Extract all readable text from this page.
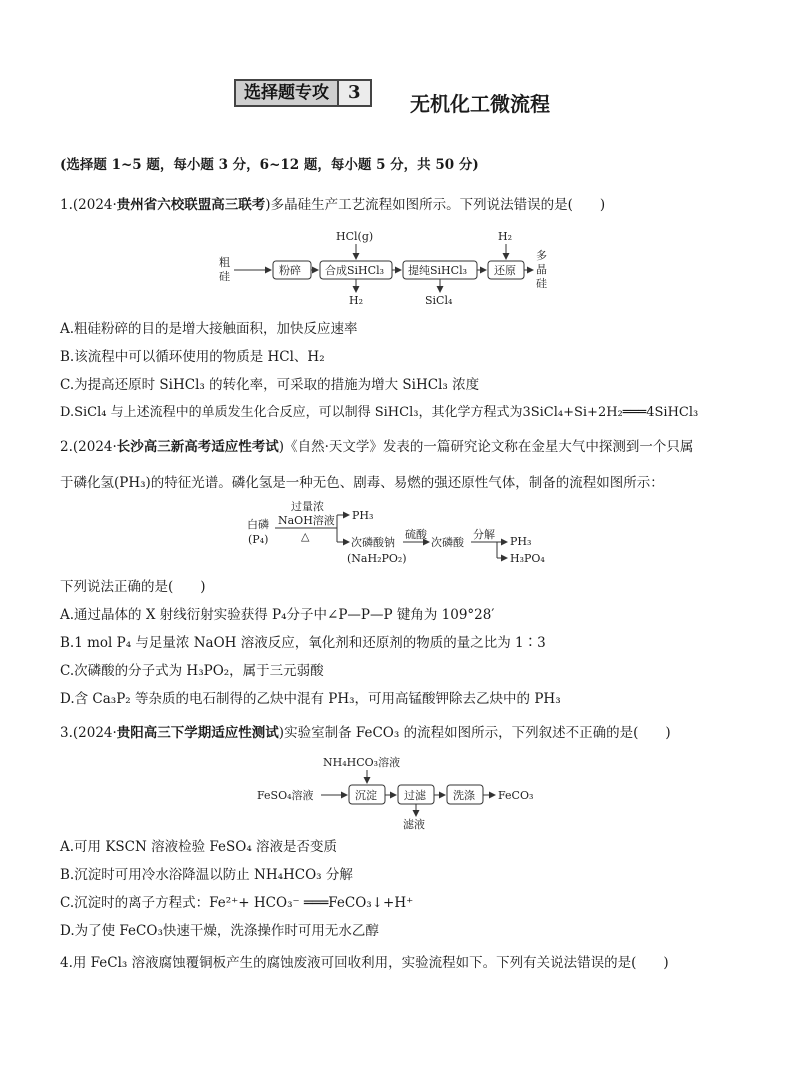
选择题专攻	3	无机化工微流程
(选择题 1~5 题，每小题 3 分，6~12 题，每小题 5 分，共 50 分)
1.(2024·贵州省六校联盟高三联考)多晶硅生产工艺流程如图所示。下列说法错误的是(　　)
粗
硅	粉碎 合成SiHCl₃
HCl(g)
H₂
提纯SiHCl₃
SiCl₄
还原
H₂
多
晶
硅
A.粗硅粉碎的目的是增大接触面积，加快反应速率
B.该流程中可以循环使用的物质是 HCl、H₂
C.为提高还原时 SiHCl₃ 的转化率，可采取的措施为增大 SiHCl₃ 浓度
D.SiCl₄ 与上述流程中的单质发生化合反应，可以制得 SiHCl₃，其化学方程式为3SiCl₄+Si+2H₂═══4SiHCl₃
2.(2024·长沙高三新高考适应性考试)《自然·天文学》发表的一篇研究论文称在金星大气中探测到一个只属
于磷化氢(PH₃)的特征光谱。磷化氢是一种无色、剧毒、易燃的强还原性气体，制备的流程如图所示：
白磷
(P₄)
过量浓
NaOH溶液
△
PH₃
次磷酸钠
(NaH₂PO₂)
硫酸
次磷酸
分解
PH₃
H₃PO₄
下列说法正确的是(　　)
A.通过晶体的 X 射线衍射实验获得 P₄分子中∠P—P—P 键角为 109°28′
B.1 mol P₄ 与足量浓 NaOH 溶液反应，氧化剂和还原剂的物质的量之比为 1∶3
C.次磷酸的分子式为 H₃PO₂，属于三元弱酸
D.含 Ca₃P₂ 等杂质的电石制得的乙炔中混有 PH₃，可用高锰酸钾除去乙炔中的 PH₃
3.(2024·贵阳高三下学期适应性测试)实验室制备 FeCO₃ 的流程如图所示，下列叙述不正确的是(　　)
NH₄HCO₃溶液
FeSO₄溶液	沉淀 过滤
滤液
洗涤 FeCO₃
A.可用 KSCN 溶液检验 FeSO₄ 溶液是否变质
B.沉淀时可用冷水浴降温以防止 NH₄HCO₃ 分解
C.沉淀时的离子方程式：Fe²⁺+ HCO₃⁻ ═══FeCO₃↓+H⁺
D.为了使 FeCO₃快速干燥，洗涤操作时可用无水乙醇
4.用 FeCl₃ 溶液腐蚀覆铜板产生的腐蚀废液可回收利用，实验流程如下。下列有关说法错误的是(　　)
